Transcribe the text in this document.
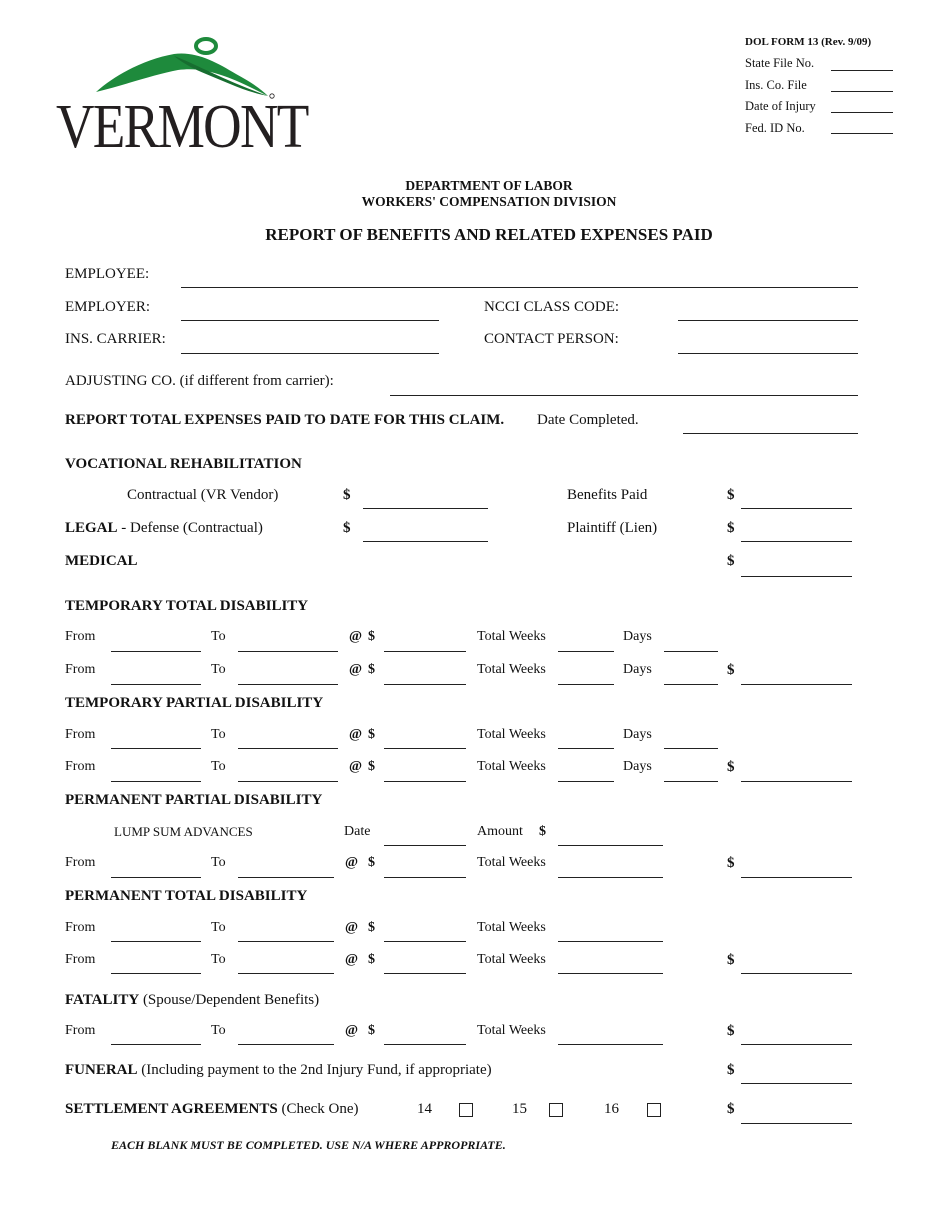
VERMONT
DOL FORM 13 (Rev. 9/09)
State File No.
Ins. Co. File
Date of Injury
Fed. ID No.
DEPARTMENT OF LABOR
WORKERS' COMPENSATION DIVISION
REPORT OF BENEFITS AND RELATED EXPENSES PAID
EMPLOYEE:
EMPLOYER:	NCCI CLASS CODE:
INS. CARRIER:	CONTACT PERSON:
ADJUSTING CO. (if different from carrier):
REPORT TOTAL EXPENSES PAID TO DATE FOR THIS CLAIM. Date Completed.
VOCATIONAL REHABILITATION
Contractual (VR Vendor)	$	Benefits Paid	$
LEGAL - Defense (Contractual)	$	Plaintiff (Lien)	$
MEDICAL	$
TEMPORARY TOTAL DISABILITY
From	To	@ $	Total Weeks	Days
From	To	@ $	Total Weeks	Days	$
TEMPORARY PARTIAL DISABILITY
From	To	@ $	Total Weeks	Days
From	To	@ $	Total Weeks	Days	$
PERMANENT PARTIAL DISABILITY
LUMP SUM ADVANCES	Date	Amount $
From	To	@ $	Total Weeks	$
PERMANENT TOTAL DISABILITY
From	To	@ $	Total Weeks
From	To	@ $	Total Weeks	$
FATALITY (Spouse/Dependent Benefits)
From	To	@ $	Total Weeks	$
FUNERAL (Including payment to the 2nd Injury Fund, if appropriate)	$
SETTLEMENT AGREEMENTS (Check One)	14	15	16	$
EACH BLANK MUST BE COMPLETED. USE N/A WHERE APPROPRIATE.
